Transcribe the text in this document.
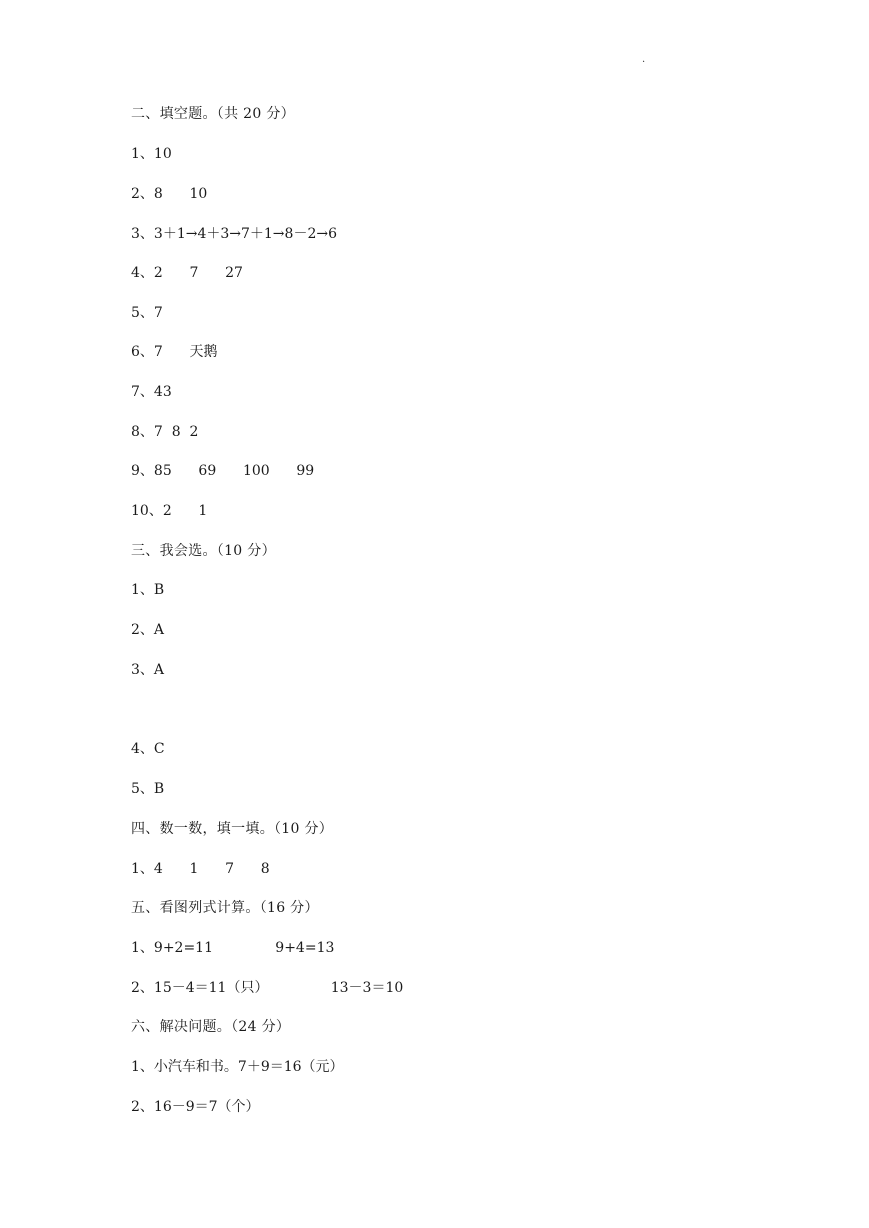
.
二、填空题。（共 20 分）
1、10
2、8      10
3、3＋1→4＋3→7＋1→8－2→6
4、2      7      27
5、7
6、7      天鹅
7、43
8、7  8  2
9、85      69      100      99
10、2      1
三、我会选。（10 分）
1、B
2、A
3、A
4、C
5、B
四、数一数，填一填。（10 分）
1、4      1      7      8
五、看图列式计算。（16 分）
1、9+2=11              9+4=13
2、15－4＝11（只）              13－3＝10
六、解决问题。（24 分）
1、小汽车和书。7＋9＝16（元）
2、16－9＝7（个）
